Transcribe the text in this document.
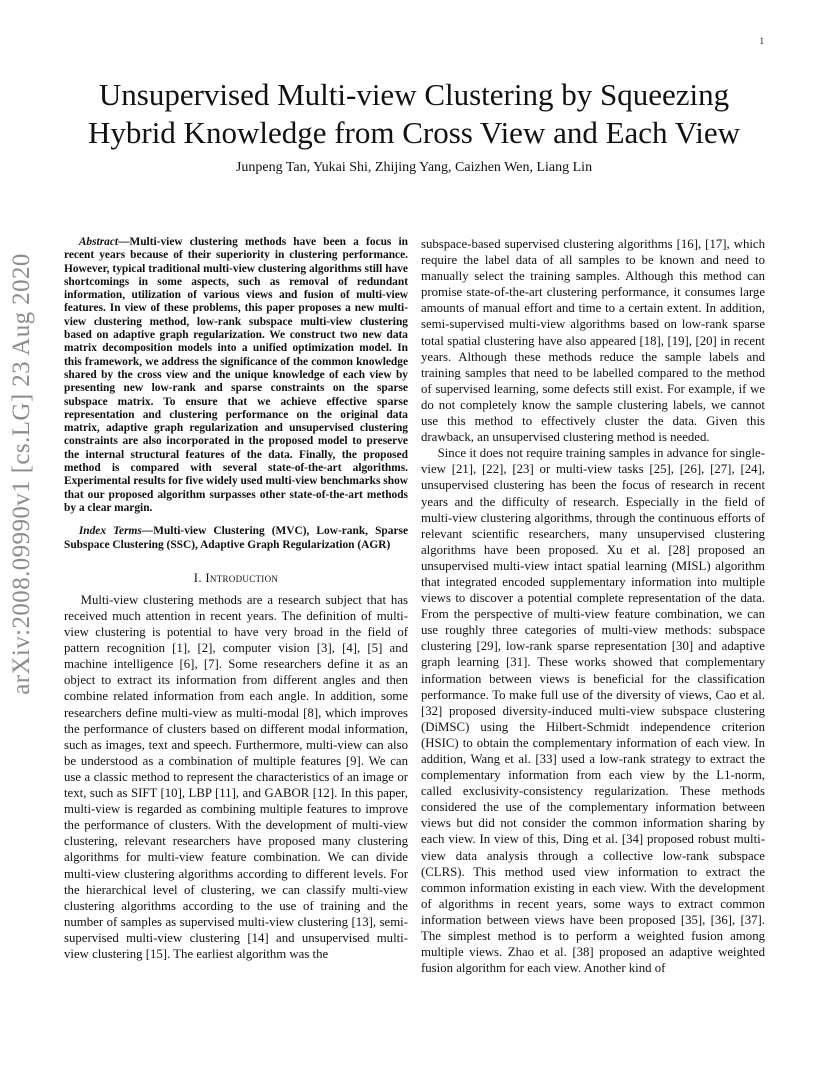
1
arXiv:2008.09990v1 [cs.LG] 23 Aug 2020
Unsupervised Multi-view Clustering by Squeezing
Hybrid Knowledge from Cross View and Each View
Junpeng Tan, Yukai Shi, Zhijing Yang, Caizhen Wen, Liang Lin

Abstract—Multi-view clustering methods have been a focus in recent years because of their superiority in clustering performance. However, typical traditional multi-view clustering algorithms still have shortcomings in some aspects, such as removal of redundant information, utilization of various views and fusion of multi-view features. In view of these problems, this paper proposes a new multi-view clustering method, low-rank subspace multi-view clustering based on adaptive graph regularization. We construct two new data matrix decomposition models into a unified optimization model. In this framework, we address the significance of the common knowledge shared by the cross view and the unique knowledge of each view by presenting new low-rank and sparse constraints on the sparse subspace matrix. To ensure that we achieve effective sparse representation and clustering performance on the original data matrix, adaptive graph regularization and unsupervised clustering constraints are also incorporated in the proposed model to preserve the internal structural features of the data. Finally, the proposed method is compared with several state-of-the-art algorithms. Experimental results for five widely used multi-view benchmarks show that our proposed algorithm surpasses other state-of-the-art methods by a clear margin.

Index Terms—Multi-view Clustering (MVC), Low-rank, Sparse Subspace Clustering (SSC), Adaptive Graph Regularization (AGR)

I. Introduction

Multi-view clustering methods are a research subject that has received much attention in recent years. The definition of multi-view clustering is potential to have very broad in the field of pattern recognition [1], [2], computer vision [3], [4], [5] and machine intelligence [6], [7]. Some researchers define it as an object to extract its information from different angles and then combine related information from each angle. In addition, some researchers define multi-view as multi-modal [8], which improves the performance of clusters based on different modal information, such as images, text and speech. Furthermore, multi-view can also be understood as a combination of multiple features [9]. We can use a classic method to represent the characteristics of an image or text, such as SIFT [10], LBP [11], and GABOR [12]. In this paper, multi-view is regarded as combining multiple features to improve the performance of clusters. With the development of multi-view clustering, relevant researchers have proposed many clustering algorithms for multi-view feature combination. We can divide multi-view clustering algorithms according to different levels. For the hierarchical level of clustering, we can classify multi-view clustering algorithms according to the use of training and the number of samples as supervised multi-view clustering [13], semi-supervised multi-view clustering [14] and unsupervised multi-view clustering [15]. The earliest algorithm was the

subspace-based supervised clustering algorithms [16], [17], which require the label data of all samples to be known and need to manually select the training samples. Although this method can promise state-of-the-art clustering performance, it consumes large amounts of manual effort and time to a certain extent. In addition, semi-supervised multi-view algorithms based on low-rank sparse total spatial clustering have also appeared [18], [19], [20] in recent years. Although these methods reduce the sample labels and training samples that need to be labelled compared to the method of supervised learning, some defects still exist. For example, if we do not completely know the sample clustering labels, we cannot use this method to effectively cluster the data. Given this drawback, an unsupervised clustering method is needed.

Since it does not require training samples in advance for single-view [21], [22], [23] or multi-view tasks [25], [26], [27], [24], unsupervised clustering has been the focus of research in recent years and the difficulty of research. Especially in the field of multi-view clustering algorithms, through the continuous efforts of relevant scientific researchers, many unsupervised clustering algorithms have been proposed. Xu et al. [28] proposed an unsupervised multi-view intact spatial learning (MISL) algorithm that integrated encoded supplementary information into multiple views to discover a potential complete representation of the data. From the perspective of multi-view feature combination, we can use roughly three categories of multi-view methods: subspace clustering [29], low-rank sparse representation [30] and adaptive graph learning [31]. These works showed that complementary information between views is beneficial for the classification performance. To make full use of the diversity of views, Cao et al. [32] proposed diversity-induced multi-view subspace clustering (DiMSC) using the Hilbert-Schmidt independence criterion (HSIC) to obtain the complementary information of each view. In addition, Wang et al. [33] used a low-rank strategy to extract the complementary information from each view by the L1-norm, called exclusivity-consistency regularization. These methods considered the use of the complementary information between views but did not consider the common information sharing by each view. In view of this, Ding et al. [34] proposed robust multi-view data analysis through a collective low-rank subspace (CLRS). This method used view information to extract the common information existing in each view. With the development of algorithms in recent years, some ways to extract common information between views have been proposed [35], [36], [37]. The simplest method is to perform a weighted fusion among multiple views. Zhao et al. [38] proposed an adaptive weighted fusion algorithm for each view. Another kind of
